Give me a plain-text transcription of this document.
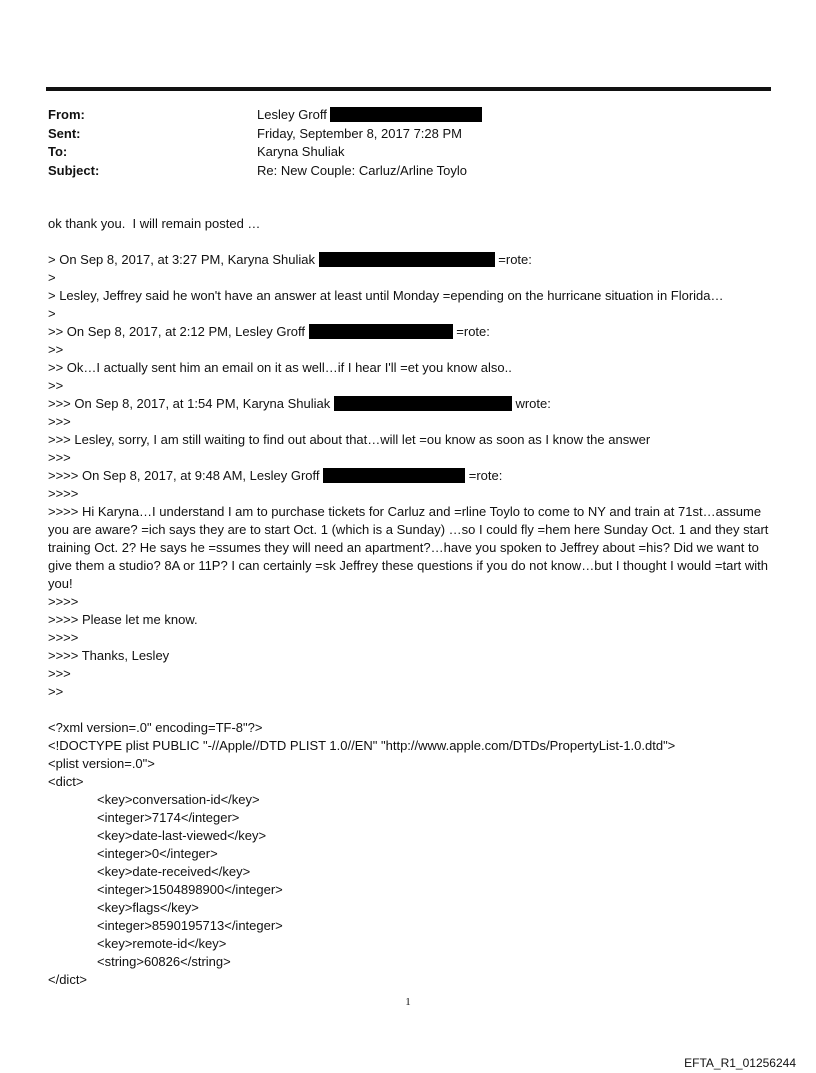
From:	Lesley Groff
Sent:	Friday, September 8, 2017 7:28 PM
To:	Karyna Shuliak
Subject:	Re: New Couple: Carluz/Arline Toylo
ok thank you.  I will remain posted …
> On Sep 8, 2017, at 3:27 PM, Karyna Shuliak	=rote:
>
> Lesley, Jeffrey said he won't have an answer at least until Monday =epending on the hurricane situation in Florida…
>
>> On Sep 8, 2017, at 2:12 PM, Lesley Groff	=rote:
>>
>> Ok…I actually sent him an email on it as well…if I hear I'll =et you know also..
>>
>>> On Sep 8, 2017, at 1:54 PM, Karyna Shuliak	wrote:
>>>
>>> Lesley, sorry, I am still waiting to find out about that…will let =ou know as soon as I know the answer
>>>
>>>> On Sep 8, 2017, at 9:48 AM, Lesley Groff	=rote:
>>>>
>>>> Hi Karyna…I understand I am to purchase tickets for Carluz and =rline Toylo to come to NY and train at 71st…assume you are aware? =ich says they are to start Oct. 1 (which is a Sunday) …so I could fly =hem here Sunday Oct. 1 and they start training Oct. 2? He says he =ssumes they will need an apartment?…have you spoken to Jeffrey about =his? Did we want to give them a studio? 8A or 11P? I can certainly =sk Jeffrey these questions if you do not know…but I thought I would =tart with you!
>>>>
>>>> Please let me know.
>>>>
>>>> Thanks, Lesley
>>>
>>
<?xml version=.0" encoding=TF-8"?>
<!DOCTYPE plist PUBLIC "-//Apple//DTD PLIST 1.0//EN" "http://www.apple.com/DTDs/PropertyList-1.0.dtd">
<plist version=.0">
<dict>
<key>conversation-id</key>
<integer>7174</integer>
<key>date-last-viewed</key>
<integer>0</integer>
<key>date-received</key>
<integer>1504898900</integer>
<key>flags</key>
<integer>8590195713</integer>
<key>remote-id</key>
<string>60826</string>
</dict>
1
EFTA_R1_01256244
